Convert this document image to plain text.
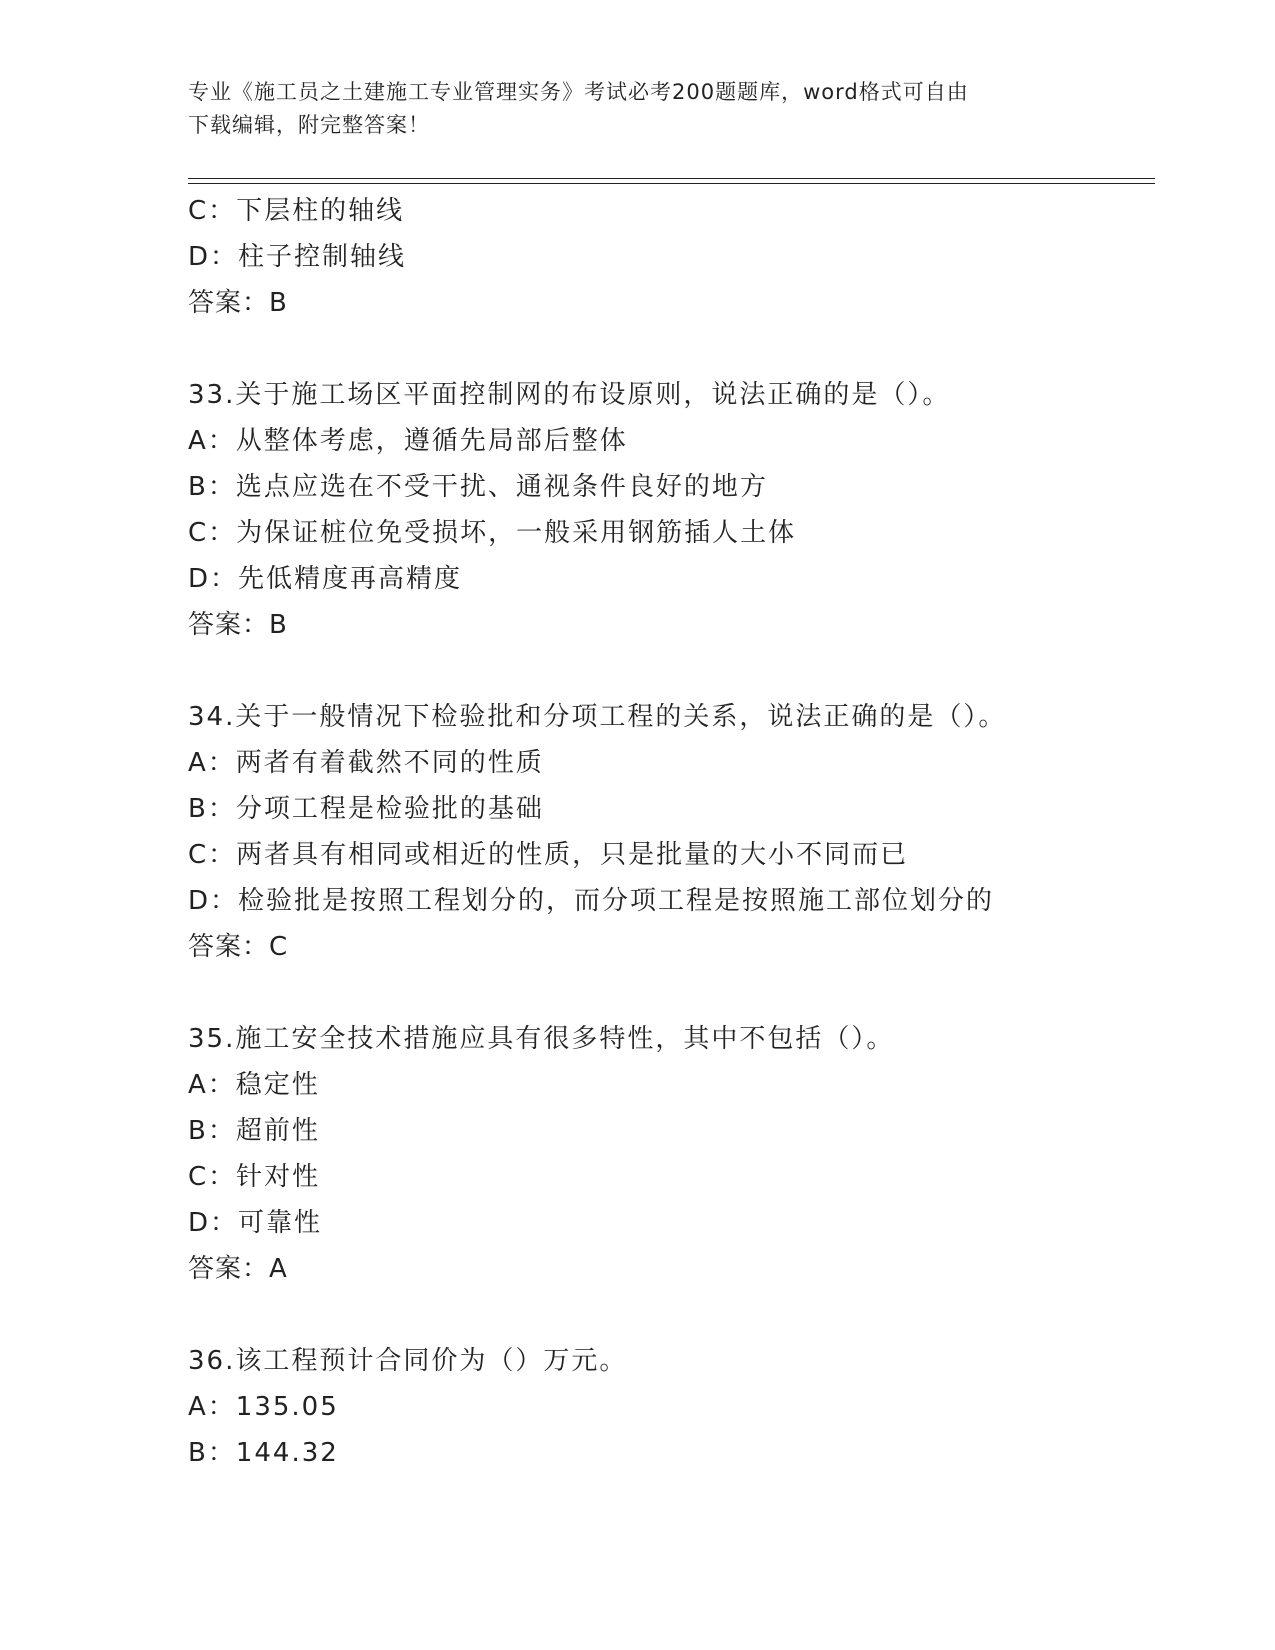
专业《施工员之土建施工专业管理实务》考试必考200题题库，word格式可自由
下载编辑，附完整答案！
C：下层柱的轴线
D：柱子控制轴线
答案：B
33.关于施工场区平面控制网的布设原则，说法正确的是（）。
A：从整体考虑，遵循先局部后整体
B：选点应选在不受干扰、通视条件良好的地方
C：为保证桩位免受损坏，一般采用钢筋插人土体
D：先低精度再高精度
答案：B
34.关于一般情况下检验批和分项工程的关系，说法正确的是（）。
A：两者有着截然不同的性质
B：分项工程是检验批的基础
C：两者具有相同或相近的性质，只是批量的大小不同而已
D：检验批是按照工程划分的，而分项工程是按照施工部位划分的
答案：C
35.施工安全技术措施应具有很多特性，其中不包括（）。
A：稳定性
B：超前性
C：针对性
D：可靠性
答案：A
36.该工程预计合同价为（）万元。
A：135.05
B：144.32
